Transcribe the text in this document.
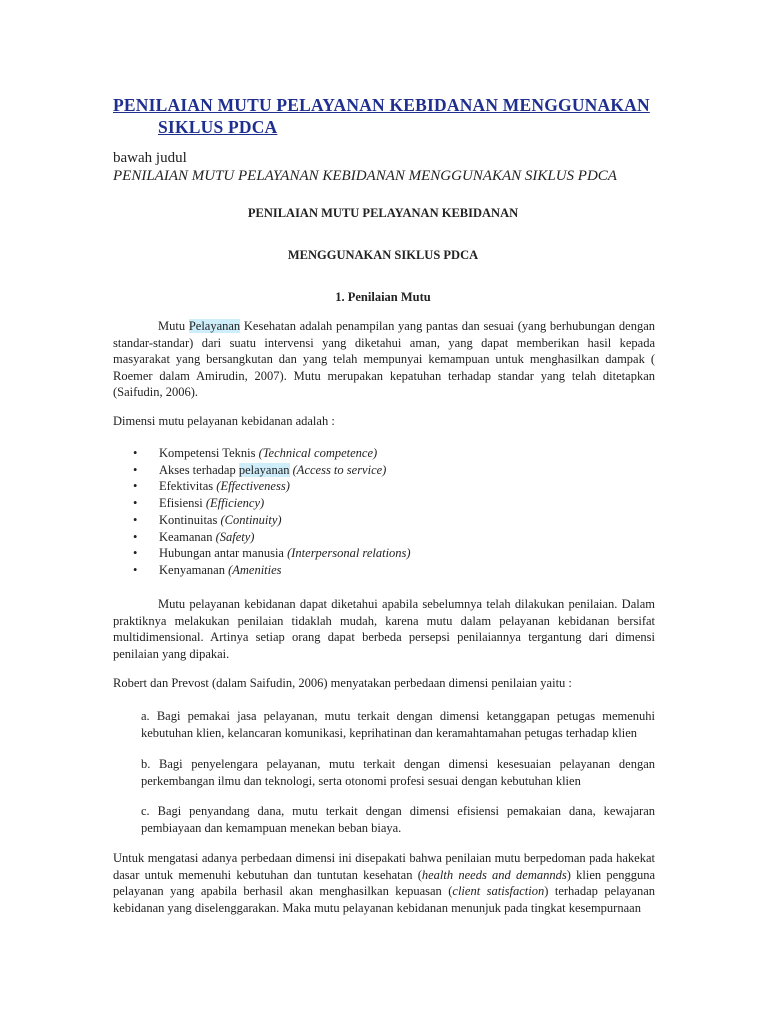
PENILAIAN MUTU PELAYANAN KEBIDANAN MENGGUNAKAN
SIKLUS PDCA
bawah judul
PENILAIAN MUTU PELAYANAN KEBIDANAN MENGGUNAKAN SIKLUS PDCA
PENILAIAN MUTU PELAYANAN KEBIDANAN
MENGGUNAKAN SIKLUS PDCA
1. Penilaian Mutu
Mutu Pelayanan Kesehatan adalah penampilan yang pantas dan sesuai (yang berhubungan dengan standar-standar) dari suatu intervensi yang diketahui aman, yang dapat memberikan hasil kepada masyarakat yang bersangkutan dan yang telah mempunyai kemampuan untuk menghasilkan dampak ( Roemer dalam Amirudin, 2007). Mutu merupakan kepatuhan terhadap standar yang telah ditetapkan (Saifudin, 2006).
Dimensi mutu pelayanan kebidanan adalah :
• Kompetensi Teknis (Technical competence)
• Akses terhadap pelayanan (Access to service)
• Efektivitas (Effectiveness)
• Efisiensi (Efficiency)
• Kontinuitas (Continuity)
• Keamanan (Safety)
• Hubungan antar manusia (Interpersonal relations)
• Kenyamanan (Amenities
Mutu pelayanan kebidanan dapat diketahui apabila sebelumnya telah dilakukan penilaian. Dalam praktiknya melakukan penilaian tidaklah mudah, karena mutu dalam pelayanan kebidanan bersifat multidimensional. Artinya setiap orang dapat berbeda persepsi penilaiannya tergantung dari dimensi penilaian yang dipakai.
Robert dan Prevost (dalam Saifudin, 2006) menyatakan perbedaan dimensi penilaian yaitu :
a. Bagi pemakai jasa pelayanan, mutu terkait dengan dimensi ketanggapan petugas memenuhi kebutuhan klien, kelancaran komunikasi, keprihatinan dan keramahtamahan petugas terhadap klien
b. Bagi penyelengara pelayanan, mutu terkait dengan dimensi kesesuaian pelayanan dengan perkembangan ilmu dan teknologi, serta otonomi profesi sesuai dengan kebutuhan klien
c. Bagi penyandang dana, mutu terkait dengan dimensi efisiensi pemakaian dana, kewajaran pembiayaan dan kemampuan menekan beban biaya.
Untuk mengatasi adanya perbedaan dimensi ini disepakati bahwa penilaian mutu berpedoman pada hakekat dasar untuk memenuhi kebutuhan dan tuntutan kesehatan (health needs and demannds) klien pengguna pelayanan yang apabila berhasil akan menghasilkan kepuasan (client satisfaction) terhadap pelayanan kebidanan yang diselenggarakan. Maka mutu pelayanan kebidanan menunjuk pada tingkat kesempurnaan
